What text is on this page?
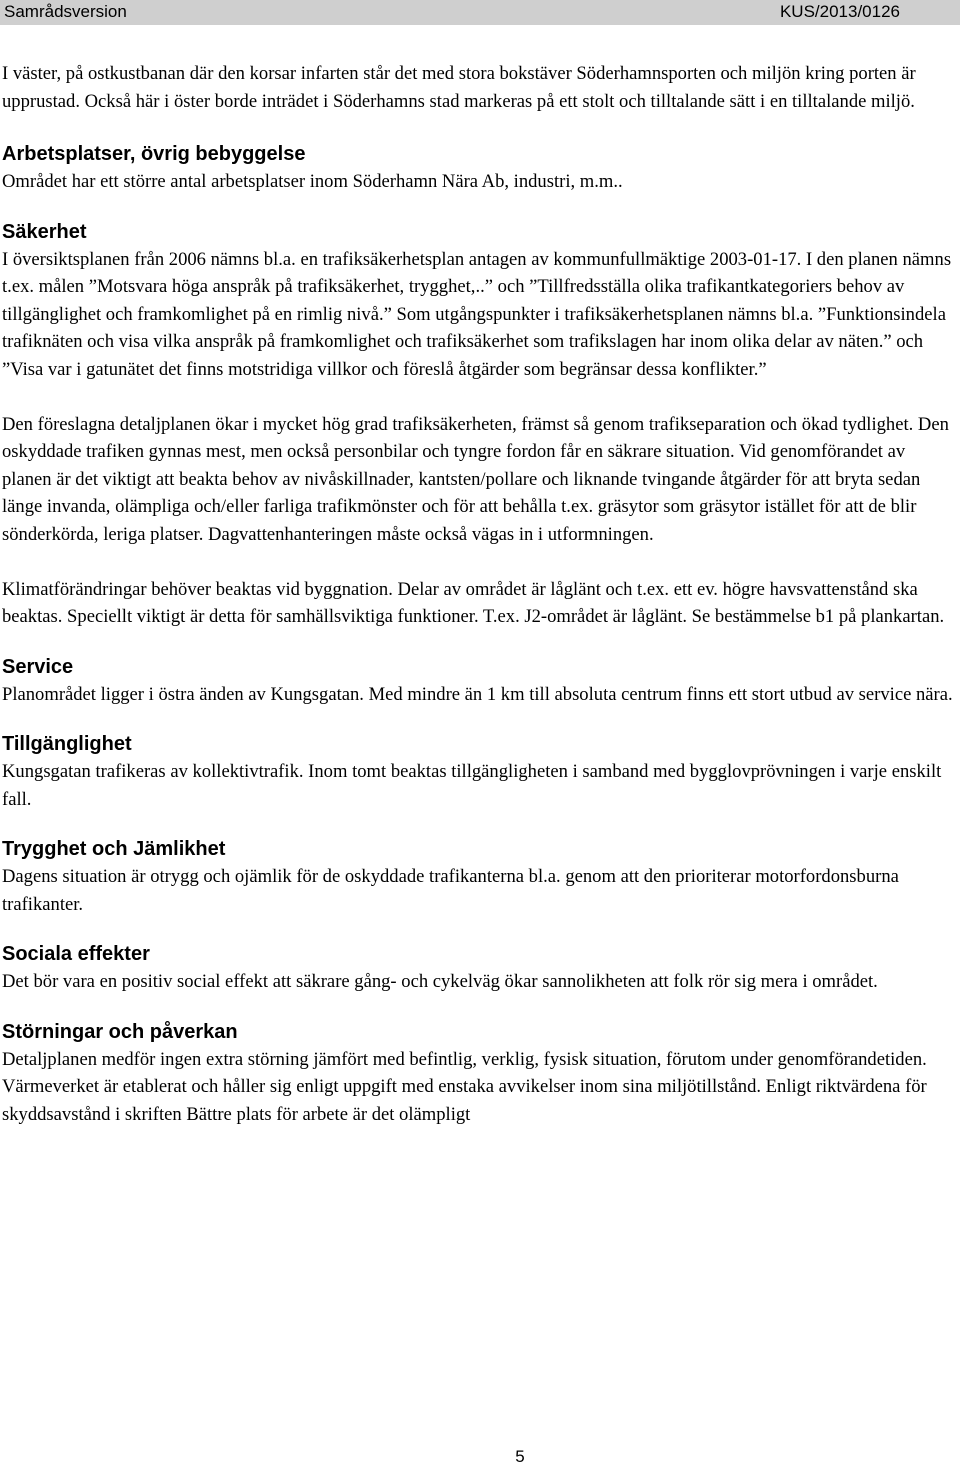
Samrådsversion	KUS/2013/0126

I väster, på ostkustbanan där den korsar infarten står det med stora bokstäver Söderhamnsporten och miljön kring porten är upprustad. Också här i öster borde inträdet i Söderhamns stad markeras på ett stolt och tilltalande sätt i en tilltalande miljö.

Arbetsplatser, övrig bebyggelse

Området har ett större antal arbetsplatser inom Söderhamn Nära Ab, industri, m.m..

Säkerhet

I översiktsplanen från 2006 nämns bl.a. en trafiksäkerhetsplan antagen av kommunfullmäktige 2003-01-17. I den planen nämns t.ex. målen ”Motsvara höga anspråk på trafiksäkerhet, trygghet,..” och ”Tillfredsställa olika trafikantkategoriers behov av tillgänglighet och framkomlighet på en rimlig nivå.” Som utgångspunkter i trafiksäkerhetsplanen nämns bl.a. ”Funktionsindela trafiknäten och visa vilka anspråk på framkomlighet och trafiksäkerhet som trafikslagen har inom olika delar av näten.” och ”Visa var i gatunätet det finns motstridiga villkor och föreslå åtgärder som begränsar dessa konflikter.”

Den föreslagna detaljplanen ökar i mycket hög grad trafiksäkerheten, främst så genom trafikseparation och ökad tydlighet. Den oskyddade trafiken gynnas mest, men också personbilar och tyngre fordon får en säkrare situation. Vid genomförandet av planen är det viktigt att beakta behov av nivåskillnader, kantsten/pollare och liknande tvingande åtgärder för att bryta sedan länge invanda, olämpliga och/eller farliga trafikmönster och för att behålla t.ex. gräsytor som gräsytor istället för att de blir sönderkörda, leriga platser. Dagvattenhanteringen måste också vägas in i utformningen.

Klimatförändringar behöver beaktas vid byggnation. Delar av området är låglänt och t.ex. ett ev. högre havsvattenstånd ska beaktas. Speciellt viktigt är detta för samhällsviktiga funktioner. T.ex. J2-området är låglänt. Se bestämmelse b1 på plankartan.

Service

Planområdet ligger i östra änden av Kungsgatan. Med mindre än 1 km till absoluta centrum finns ett stort utbud av service nära.

Tillgänglighet

Kungsgatan trafikeras av kollektivtrafik. Inom tomt beaktas tillgängligheten i samband med bygglovprövningen i varje enskilt fall.

Trygghet och Jämlikhet

Dagens situation är otrygg och ojämlik för de oskyddade trafikanterna bl.a. genom att den prioriterar motorfordonsburna trafikanter.

Sociala effekter

Det bör vara en positiv social effekt att säkrare gång- och cykelväg ökar sannolikheten att folk rör sig mera i området.

Störningar och påverkan

Detaljplanen medför ingen extra störning jämfört med befintlig, verklig, fysisk situation, förutom under genomförandetiden.

Värmeverket är etablerat och håller sig enligt uppgift med enstaka avvikelser inom sina miljötillstånd. Enligt riktvärdena för skyddsavstånd i skriften Bättre plats för arbete är det olämpligt

5
